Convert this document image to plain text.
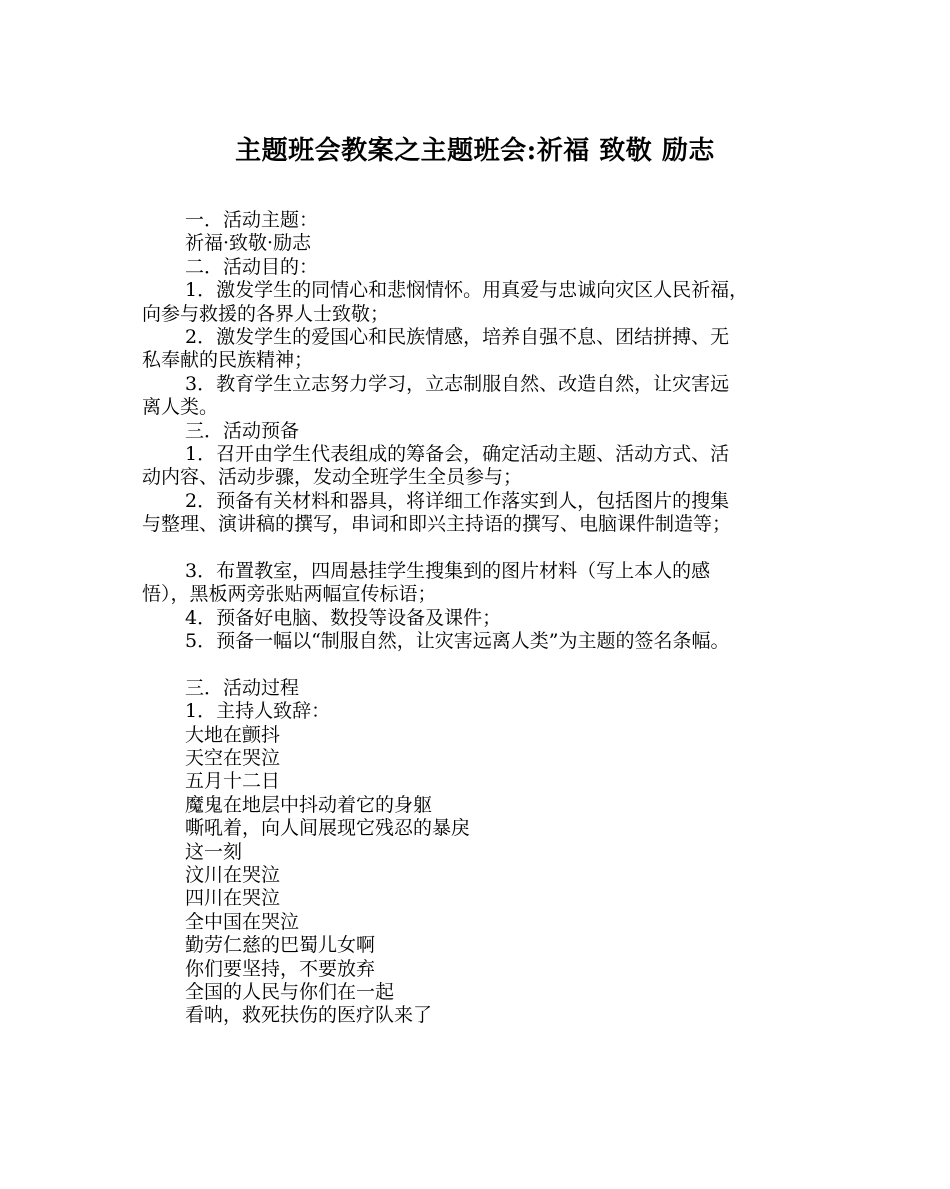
主题班会教案之主题班会:祈福 致敬 励志
一．活动主题：
祈福·致敬·励志
二．活动目的：
1．激发学生的同情心和悲悯情怀。用真爱与忠诚向灾区人民祈福，
向参与救援的各界人士致敬；
2．激发学生的爱国心和民族情感，培养自强不息、团结拼搏、无
私奉献的民族精神；
3．教育学生立志努力学习，立志制服自然、改造自然，让灾害远
离人类。
三．活动预备
1．召开由学生代表组成的筹备会，确定活动主题、活动方式、活
动内容、活动步骤，发动全班学生全员参与；
2．预备有关材料和器具，将详细工作落实到人，包括图片的搜集
与整理、演讲稿的撰写，串词和即兴主持语的撰写、电脑课件制造等；
3．布置教室，四周悬挂学生搜集到的图片材料（写上本人的感
悟），黑板两旁张贴两幅宣传标语；
4．预备好电脑、数投等设备及课件；
5．预备一幅以“制服自然，让灾害远离人类”为主题的签名条幅。
三．活动过程
1．主持人致辞：
大地在颤抖
天空在哭泣
五月十二日
魔鬼在地层中抖动着它的身躯
嘶吼着，向人间展现它残忍的暴戾
这一刻
汶川在哭泣
四川在哭泣
全中国在哭泣
勤劳仁慈的巴蜀儿女啊
你们要坚持，不要放弃
全国的人民与你们在一起
看呐，救死扶伤的医疗队来了
